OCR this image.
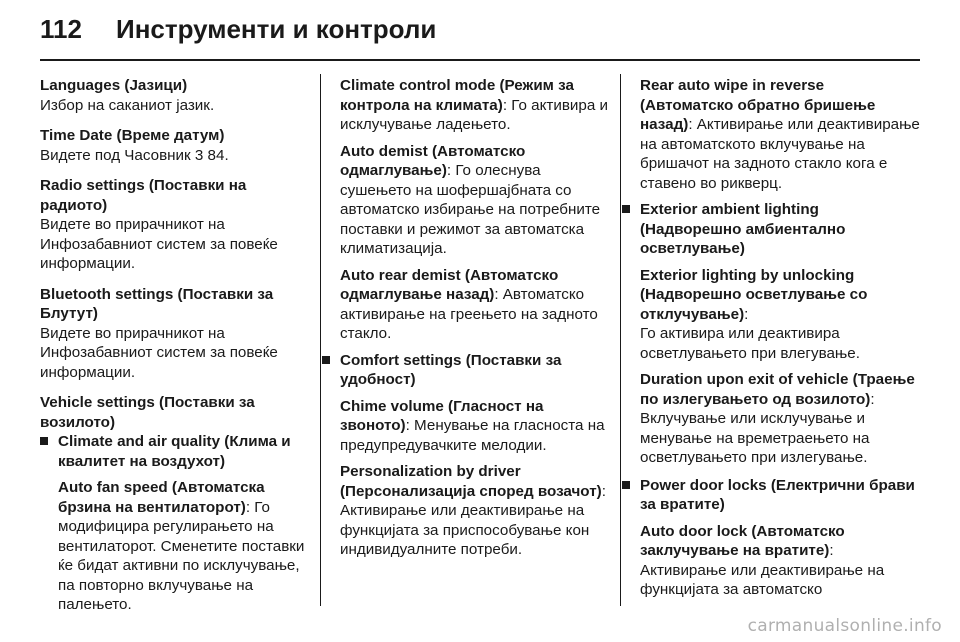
112 Инструменти и контроли
Languages (Јазици)

Избор на саканиот јазик.

Time Date (Време датум)

Видете под Часовник 3 84.

Radio settings (Поставки на радиото)

Видете во прирачникот на Инфозабавниот систем за повеќе информации.

Bluetooth settings (Поставки за Блутут)

Видете во прирачникот на Инфозабавниот систем за повеќе информации.

Vehicle settings (Поставки за возилото)
Climate and air quality (Клима и квалитет на воздухот)
Auto fan speed (Автоматска брзина на вентилаторот): Го модифицира регулирањето на вентилаторот. Сменетите поставки ќе бидат активни по исклучување, па повторно вклучување на палењето.
Climate control mode (Режим за контрола на климата): Го активира и исклучување ладењето.
Auto demist (Автоматско одмаглување): Го олеснува сушењето на шофершајбната со автоматско избирање на потребните поставки и режимот за автоматска климатизација.
Auto rear demist (Автоматско одмаглување назад): Автоматско активирање на греењето на задното стакло.
Comfort settings (Поставки за удобност)
Chime volume (Гласност на звоното): Менување на гласноста на предупредувачките мелодии.
Personalization by driver (Персонализација според возачот): Активирање или деактивирање на функцијата за приспособување кон индивидуалните потреби.
Rear auto wipe in reverse (Автоматско обратно бришење назад): Активирање или деактивирање на автоматското вклучување на бришачот на задното стакло кога е ставено во рикверц.
Exterior ambient lighting (Надворешно амбиентално осветлување)
Exterior lighting by unlocking (Надворешно осветлување со отклучување):

Го активира или деактивира осветлувањето при влегување.

Duration upon exit of vehicle (Траење по излегувањето од возилото):

Вклучување или исклучување и менување на времетраењето на осветлувањето при излегување.

Power door locks (Електрични брави за вратите)
Auto door lock (Автоматско заклучување на вратите): Активирање или деактивирање на функцијата за автоматско
carmanualsonline.info
